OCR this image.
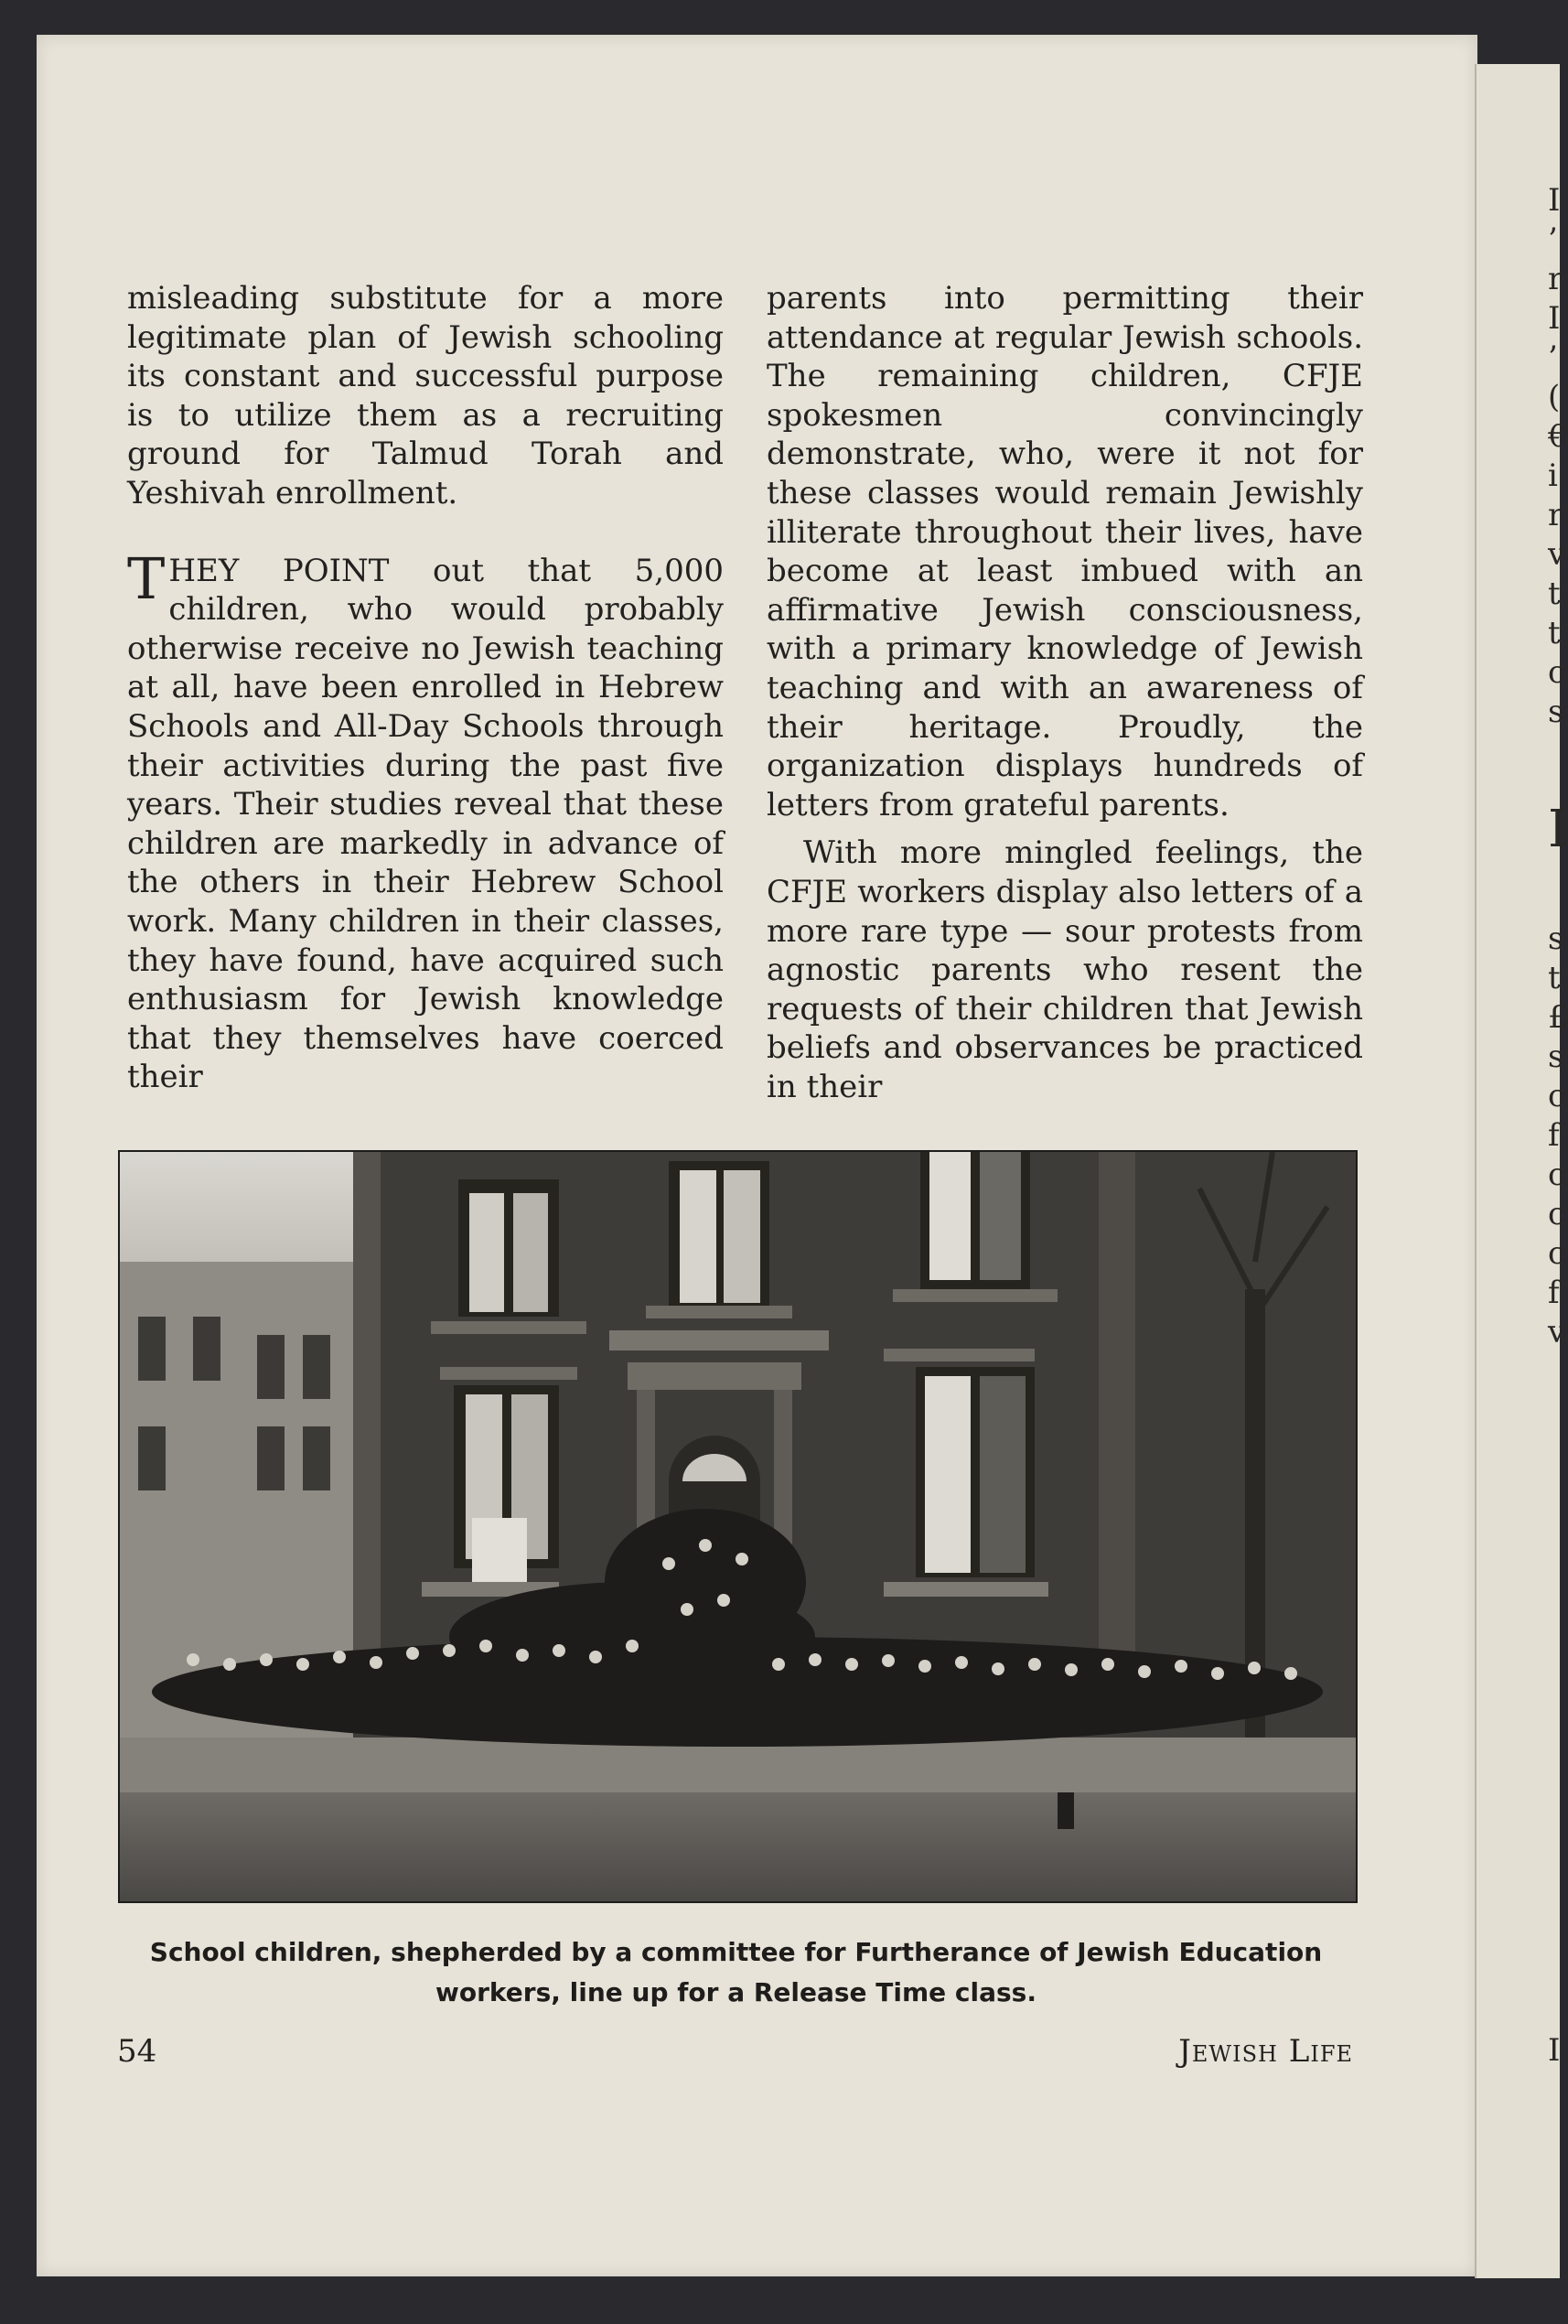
I
’
r
I
’
(
€
i
r
v
t
t
c
s
I
s
t
£
s
c
f
c
c
c
f
v
I

misleading substitute for a more legitimate plan of Jewish schooling its constant and successful purpose is to utilize them as a recruiting ground for Talmud Torah and Yeshivah enrollment.

THEY POINT out that 5,000 children, who would probably otherwise receive no Jewish teaching at all, have been enrolled in Hebrew Schools and All-Day Schools through their activities during the past five years. Their studies reveal that these children are markedly in advance of the others in their Hebrew School work. Many children in their classes, they have found, have acquired such enthusiasm for Jewish knowledge that they themselves have coerced their

parents into permitting their attendance at regular Jewish schools. The remaining children, CFJE spokesmen convincingly demonstrate, who, were it not for these classes would remain Jewishly illiterate throughout their lives, have become at least imbued with an affirmative Jewish consciousness, with a primary knowledge of Jewish teaching and with an awareness of their heritage. Proudly, the organization displays hundreds of letters from grateful parents.

With more mingled feelings, the CFJE workers display also letters of a more rare type — sour protests from agnostic parents who resent the requests of their children that Jewish beliefs and observances be practiced in their

School children, shepherded by a committee for Furtherance of Jewish Education
workers, line up for a Release Time class.
54	Jewish Life
